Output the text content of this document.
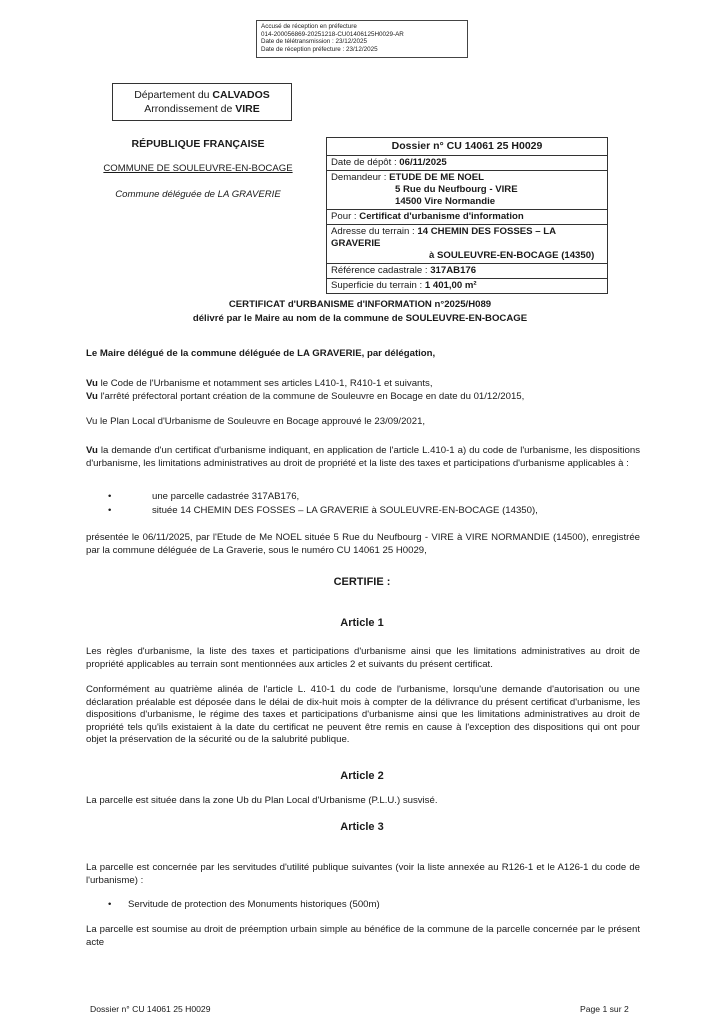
Accusé de réception en préfecture
014-200056869-20251218-CU01406125H0029-AR
Date de télétransmission : 23/12/2025
Date de réception préfecture : 23/12/2025
Département du CALVADOS
Arrondissement de VIRE
RÉPUBLIQUE FRANÇAISE
COMMUNE DE SOULEUVRE-EN-BOCAGE
Commune déléguée de LA GRAVERIE
Dossier n° CU 14061 25 H0029
Date de dépôt : 06/11/2025
Demandeur : ETUDE DE ME NOEL
5 Rue du Neufbourg - VIRE
14500 Vire Normandie
Pour : Certificat d'urbanisme d'information
Adresse du terrain : 14 CHEMIN DES FOSSES – LA GRAVERIE
à SOULEUVRE-EN-BOCAGE (14350)
Référence cadastrale : 317AB176
Superficie du terrain : 1 401,00 m²
CERTIFICAT d'URBANISME d'INFORMATION n°2025/H089
délivré par le Maire au nom de la commune de SOULEUVRE-EN-BOCAGE
Le Maire délégué de la commune déléguée de LA GRAVERIE, par délégation,
Vu le Code de l'Urbanisme et notamment ses articles L410-1, R410-1 et suivants,
Vu l'arrêté préfectoral portant création de la commune de Souleuvre en Bocage en date du 01/12/2015,
Vu le Plan Local d'Urbanisme de Souleuvre en Bocage approuvé le 23/09/2021,
Vu la demande d'un certificat d'urbanisme indiquant, en application de l'article L.410-1 a) du code de l'urbanisme, les dispositions d'urbanisme, les limitations administratives au droit de propriété et la liste des taxes et participations d'urbanisme applicables à :
•	une parcelle cadastrée 317AB176,
•	située 14 CHEMIN DES FOSSES – LA GRAVERIE à SOULEUVRE-EN-BOCAGE (14350),
présentée le 06/11/2025, par l'Etude de Me NOEL située 5 Rue du Neufbourg - VIRE à VIRE NORMANDIE (14500), enregistrée par la commune déléguée de La Graverie, sous le numéro CU 14061 25 H0029,
CERTIFIE :
Article 1
Les règles d'urbanisme, la liste des taxes et participations d'urbanisme ainsi que les limitations administratives au droit de propriété applicables au terrain sont mentionnées aux articles 2 et suivants du présent certificat.
Conformément au quatrième alinéa de l'article L. 410-1 du code de l'urbanisme, lorsqu'une demande d'autorisation ou une déclaration préalable est déposée dans le délai de dix-huit mois à compter de la délivrance du présent certificat d'urbanisme, les dispositions d'urbanisme, le régime des taxes et participations d'urbanisme ainsi que les limitations administratives au droit de propriété tels qu'ils existaient à la date du certificat ne peuvent être remis en cause à l'exception des dispositions qui ont pour objet la préservation de la sécurité ou de la salubrité publique.
Article 2
La parcelle est située dans la zone Ub du Plan Local d'Urbanisme (P.L.U.) susvisé.
Article 3
La parcelle est concernée par les servitudes d'utilité publique suivantes (voir la liste annexée au R126-1 et le A126-1 du code de l'urbanisme) :
• Servitude de protection des Monuments historiques (500m)
La parcelle est soumise au droit de préemption urbain simple au bénéfice de la commune de la parcelle concernée par le présent acte
Dossier n° CU 14061 25 H0029	Page 1 sur 2
